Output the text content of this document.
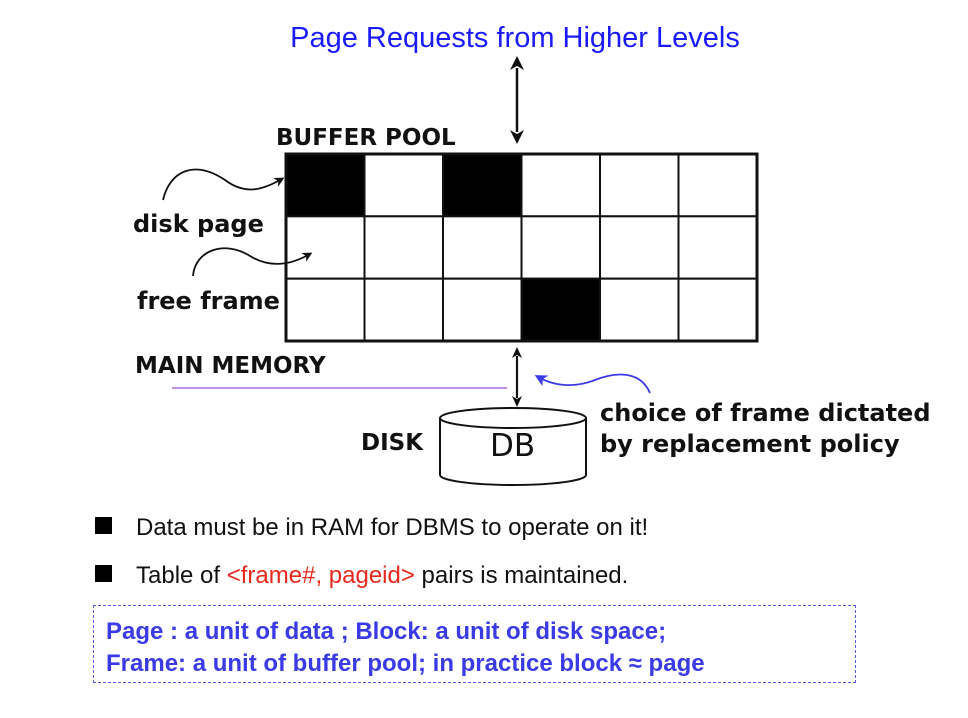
Page Requests from Higher Levels
BUFFER POOL
disk page
free frame
MAIN MEMORY
DISK DB
choice of frame dictated
by replacement policy
Data must be in RAM for DBMS to operate on it!
Table of <frame#, pageid> pairs is maintained.
Page : a unit of data ; Block: a unit of disk space;
Frame: a unit of buffer pool; in practice block ≈ page
